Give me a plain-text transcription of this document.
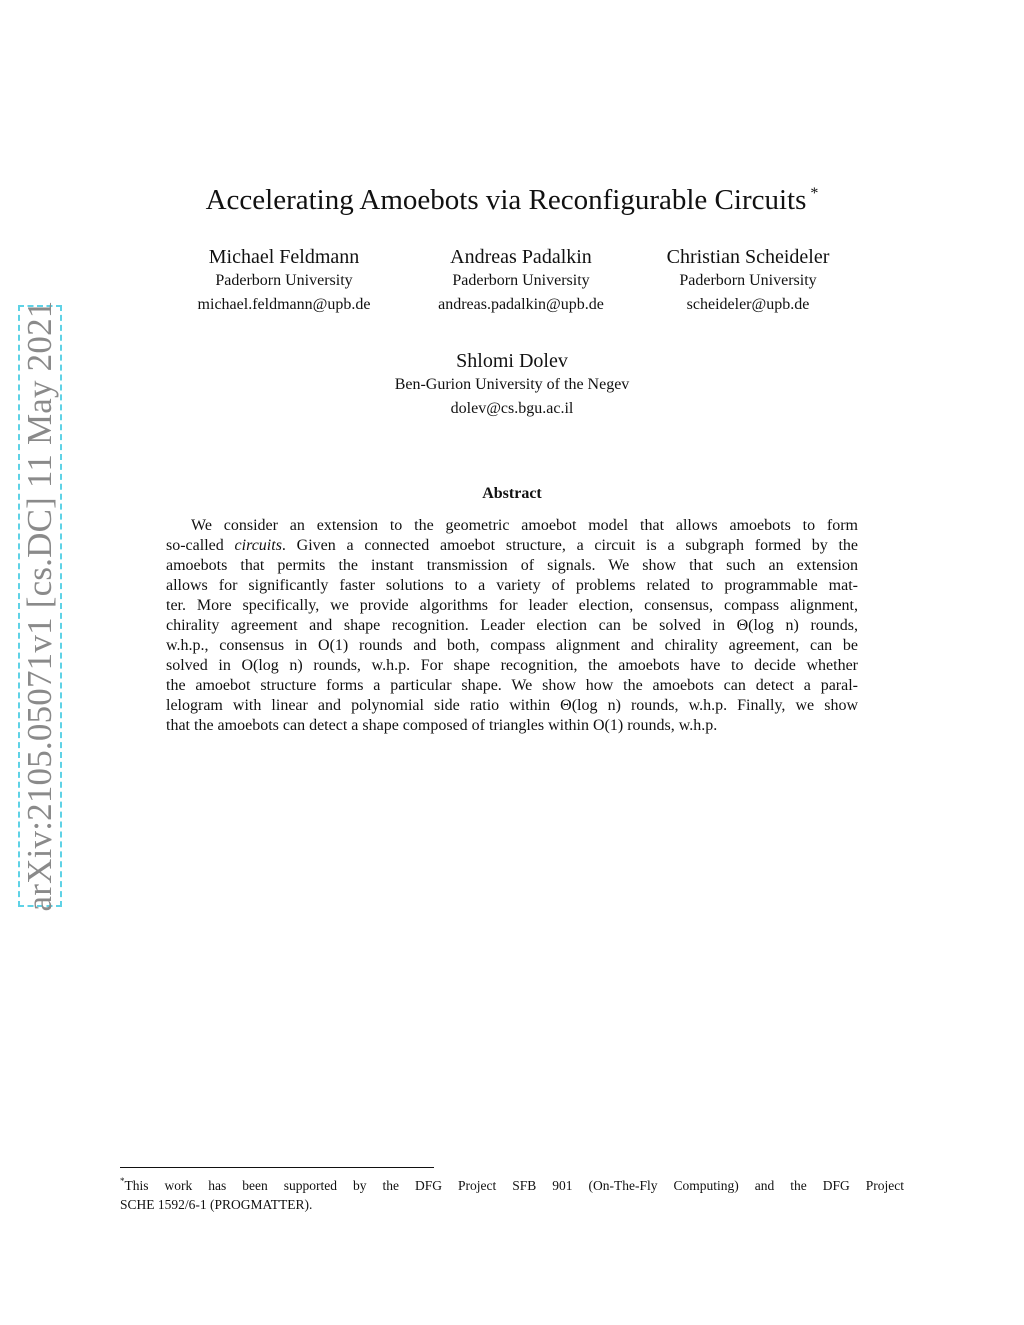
arXiv:2105.05071v1 [cs.DC] 11 May 2021
Accelerating Amoebots via Reconfigurable Circuits *
Michael Feldmann
Paderborn University
michael.feldmann@upb.de
Andreas Padalkin
Paderborn University
andreas.padalkin@upb.de
Christian Scheideler
Paderborn University
scheideler@upb.de
Shlomi Dolev
Ben-Gurion University of the Negev
dolev@cs.bgu.ac.il
Abstract
We consider an extension to the geometric amoebot model that allows amoebots to form
so-called circuits. Given a connected amoebot structure, a circuit is a subgraph formed by the
amoebots that permits the instant transmission of signals. We show that such an extension
allows for significantly faster solutions to a variety of problems related to programmable mat-
ter. More specifically, we provide algorithms for leader election, consensus, compass alignment,
chirality agreement and shape recognition. Leader election can be solved in Θ(log n) rounds,
w.h.p., consensus in O(1) rounds and both, compass alignment and chirality agreement, can be
solved in O(log n) rounds, w.h.p. For shape recognition, the amoebots have to decide whether
the amoebot structure forms a particular shape. We show how the amoebots can detect a paral-
lelogram with linear and polynomial side ratio within Θ(log n) rounds, w.h.p. Finally, we show
that the amoebots can detect a shape composed of triangles within O(1) rounds, w.h.p.
*This work has been supported by the DFG Project SFB 901 (On-The-Fly Computing) and the DFG Project
SCHE 1592/6-1 (PROGMATTER).
